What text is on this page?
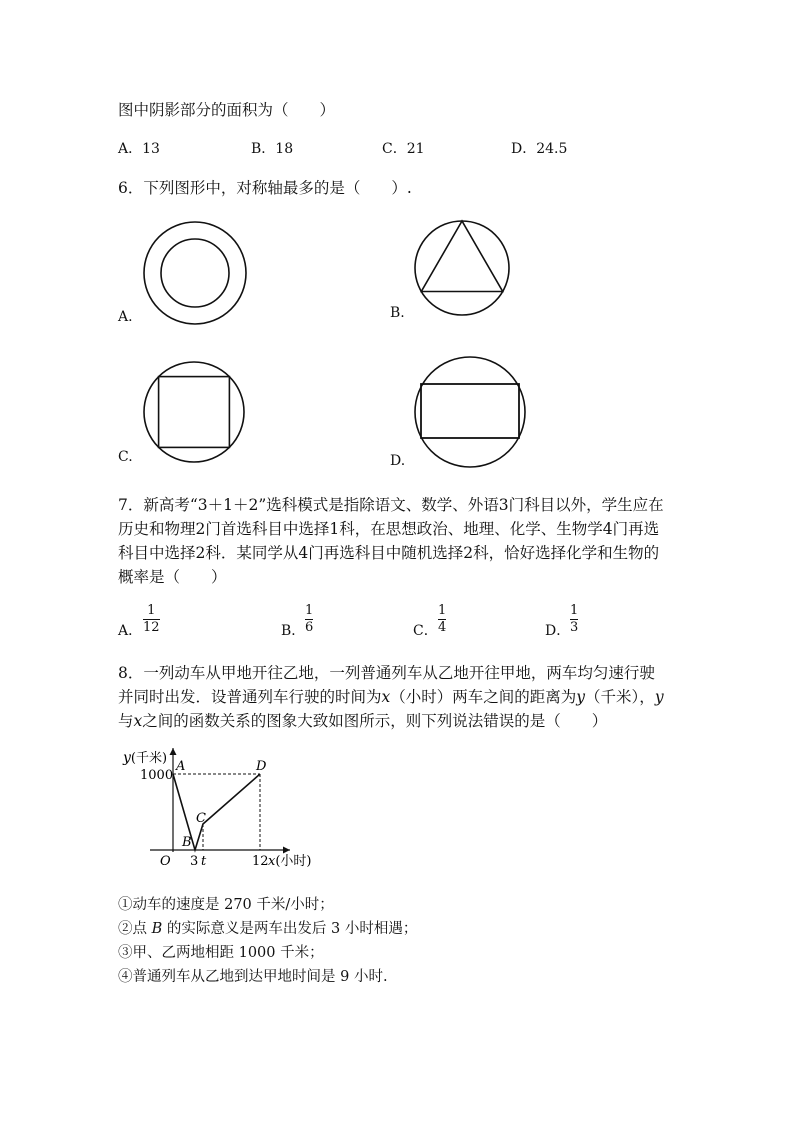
图中阴影部分的面积为（　　）
A．13	B．18	C．21	D．24.5
6．下列图形中，对称轴最多的是（　　）.
A.	B.
C.	D.
7．新高考“3＋1＋2”选科模式是指除语文、数学、外语3门科目以外，学生应在
历史和物理2门首选科目中选择1科，在思想政治、地理、化学、生物学4门再选
科目中选择2科．某同学从4门再选科目中随机选择2科，恰好选择化学和生物的
概率是（　　）
A．
1
12	B．
1
6	C．
1
4	D．
1
3
8．一列动车从甲地开往乙地，一列普通列车从乙地开往甲地，两车均匀速行驶
并同时出发．设普通列车行驶的时间为x（小时）两车之间的距离为y（千米），y
与x之间的函数关系的图象大致如图所示，则下列说法错误的是（　　）
y(千米)
1000
A	D
C
B
O 3 t	12 x(小时)
①动车的速度是 270 千米/小时；
②点 B 的实际意义是两车出发后 3 小时相遇；
③甲、乙两地相距 1000 千米；
④普通列车从乙地到达甲地时间是 9 小时.
